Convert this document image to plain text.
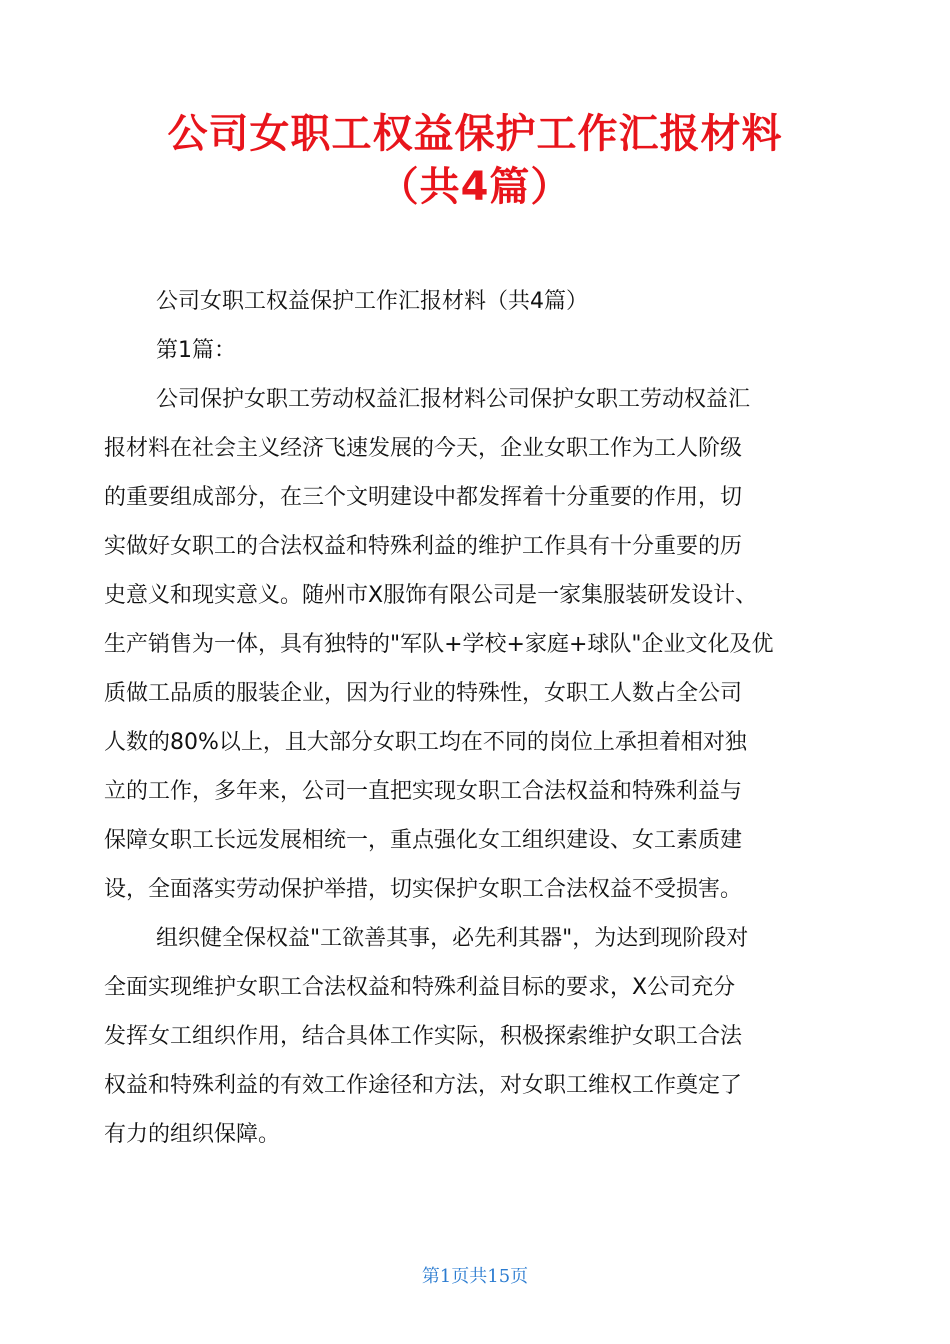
公司女职工权益保护工作汇报材料
（共4篇）
公司女职工权益保护工作汇报材料（共4篇）
第1篇：
公司保护女职工劳动权益汇报材料公司保护女职工劳动权益汇
报材料在社会主义经济飞速发展的今天，企业女职工作为工人阶级
的重要组成部分，在三个文明建设中都发挥着十分重要的作用，切
实做好女职工的合法权益和特殊利益的维护工作具有十分重要的历
史意义和现实意义。随州市X服饰有限公司是一家集服装研发设计、
生产销售为一体，具有独特的"军队+学校+家庭+球队"企业文化及优
质做工品质的服装企业，因为行业的特殊性，女职工人数占全公司
人数的80%以上，且大部分女职工均在不同的岗位上承担着相对独
立的工作，多年来，公司一直把实现女职工合法权益和特殊利益与
保障女职工长远发展相统一，重点强化女工组织建设、女工素质建
设，全面落实劳动保护举措，切实保护女职工合法权益不受损害。
组织健全保权益"工欲善其事，必先利其器"，为达到现阶段对
全面实现维护女职工合法权益和特殊利益目标的要求，X公司充分
发挥女工组织作用，结合具体工作实际，积极探索维护女职工合法
权益和特殊利益的有效工作途径和方法，对女职工维权工作奠定了
有力的组织保障。
第1页共15页
